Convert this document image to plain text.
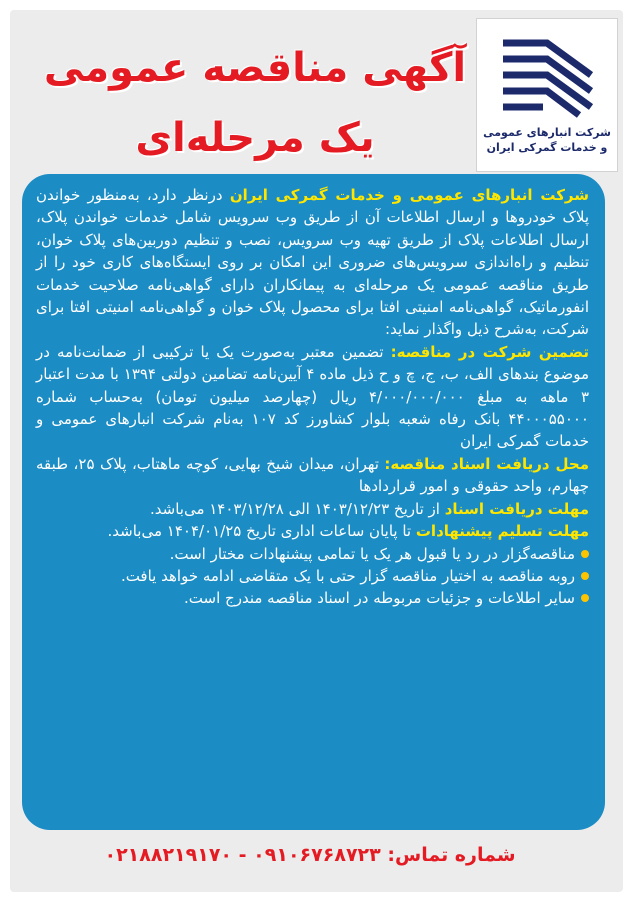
شرکت انبارهای عمومی
و خدمات گمرکی ایران
آگهی مناقصه عمومی
یک مرحله‌ای

شرکت انبارهای عمومی و خدمات گمرکی ایران درنظر دارد، به‌منظور خواندن پلاک خودروها و ارسال اطلاعات آن از طریق وب سرویس شامل خدمات خواندن پلاک، ارسال اطلاعات پلاک از طریق تهیه وب سرویس، نصب و تنظیم دوربین‌های پلاک خوان، تنظیم و راه‌اندازی سرویس‌های ضروری این امکان بر روی ایستگاه‌های کاری خود را از طریق مناقصه عمومی یک مرحله‌ای به پیمانکاران دارای گواهی‌نامه صلاحیت خدمات انفورماتیک، گواهی‌نامه امنیتی افتا برای محصول پلاک خوان و گواهی‌نامه امنیتی افتا برای شرکت، به‌شرح ذیل واگذار نماید:

تضمین شرکت در مناقصه: تضمین معتبر به‌صورت یک یا ترکیبی از ضمانت‌نامه در موضوع بندهای الف، ب، ج، چ و ح ذیل ماده ۴ آیین‌نامه تضامین دولتی ۱۳۹۴ با مدت اعتبار ۳ ماهه به مبلغ ۴/۰۰۰/۰۰۰/۰۰۰ ریال (چهارصد میلیون تومان) به‌حساب شماره ۴۴۰۰۰۵۵۰۰۰ بانک رفاه شعبه بلوار کشاورز کد ۱۰۷ به‌نام شرکت انبارهای عمومی و خدمات گمرکی ایران

محل دریافت اسناد مناقصه: تهران، میدان شیخ بهایی، کوچه ماهتاب، پلاک ۲۵، طبقه چهارم، واحد حقوقی و امور قراردادها

مهلت دریافت اسناد از تاریخ ۱۴۰۳/۱۲/۲۳ الی ۱۴۰۳/۱۲/۲۸ می‌باشد.

مهلت تسلیم پیشنهادات تا پایان ساعات اداری تاریخ ۱۴۰۴/۰۱/۲۵ می‌باشد.

مناقصه‌گزار در رد یا قبول هر یک یا تمامی پیشنهادات مختار است.
روبه مناقصه به اختیار مناقصه گزار حتی با یک متقاضی ادامه خواهد یافت.
سایر اطلاعات و جزئیات مربوطه در اسناد مناقصه مندرج است.
شماره تماس: ۰۹۱۰۶۷۶۸۷۲۳ - ۰۲۱۸۸۲۱۹۱۷۰
